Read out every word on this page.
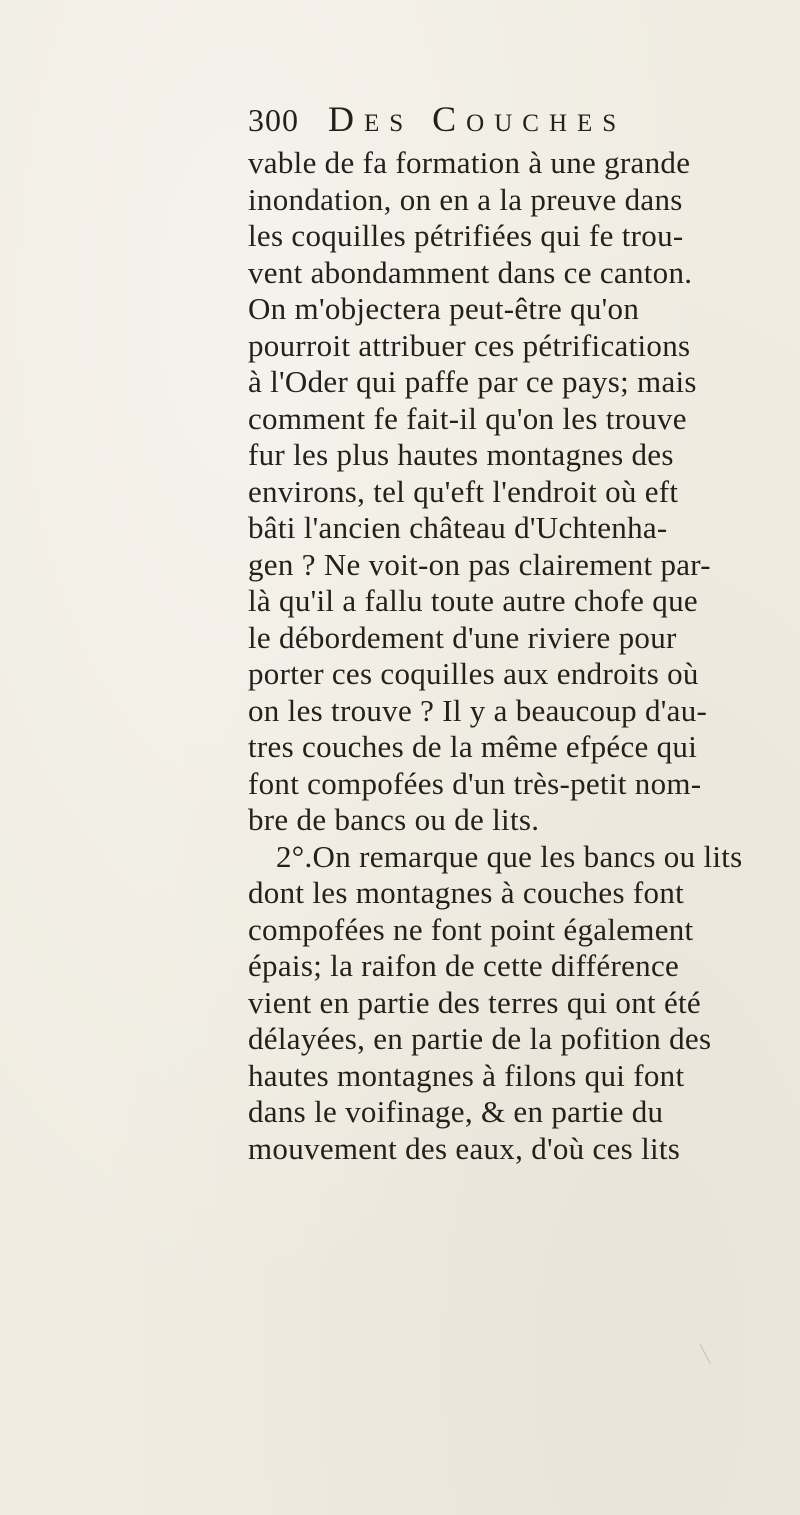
300 Des Couches
vable de fa formation à une grande
inondation, on en a la preuve dans
les coquilles pétrifiées qui fe trou-
vent abondamment dans ce canton.
On m'objectera peut-être qu'on
pourroit attribuer ces pétrifications
à l'Oder qui paffe par ce pays; mais
comment fe fait-il qu'on les trouve
fur les plus hautes montagnes des
environs, tel qu'eft l'endroit où eft
bâti l'ancien château d'Uchtenha-
gen ? Ne voit-on pas clairement par-
là qu'il a fallu toute autre chofe que
le débordement d'une riviere pour
porter ces coquilles aux endroits où
on les trouve ? Il y a beaucoup d'au-
tres couches de la même efpéce qui
font compofées d'un très-petit nom-
bre de bancs ou de lits.
2°.On remarque que les bancs ou lits
dont les montagnes à couches font
compofées ne font point également
épais; la raifon de cette différence
vient en partie des terres qui ont été
délayées, en partie de la pofition des
hautes montagnes à filons qui font
dans le voifinage, & en partie du
mouvement des eaux, d'où ces lits
